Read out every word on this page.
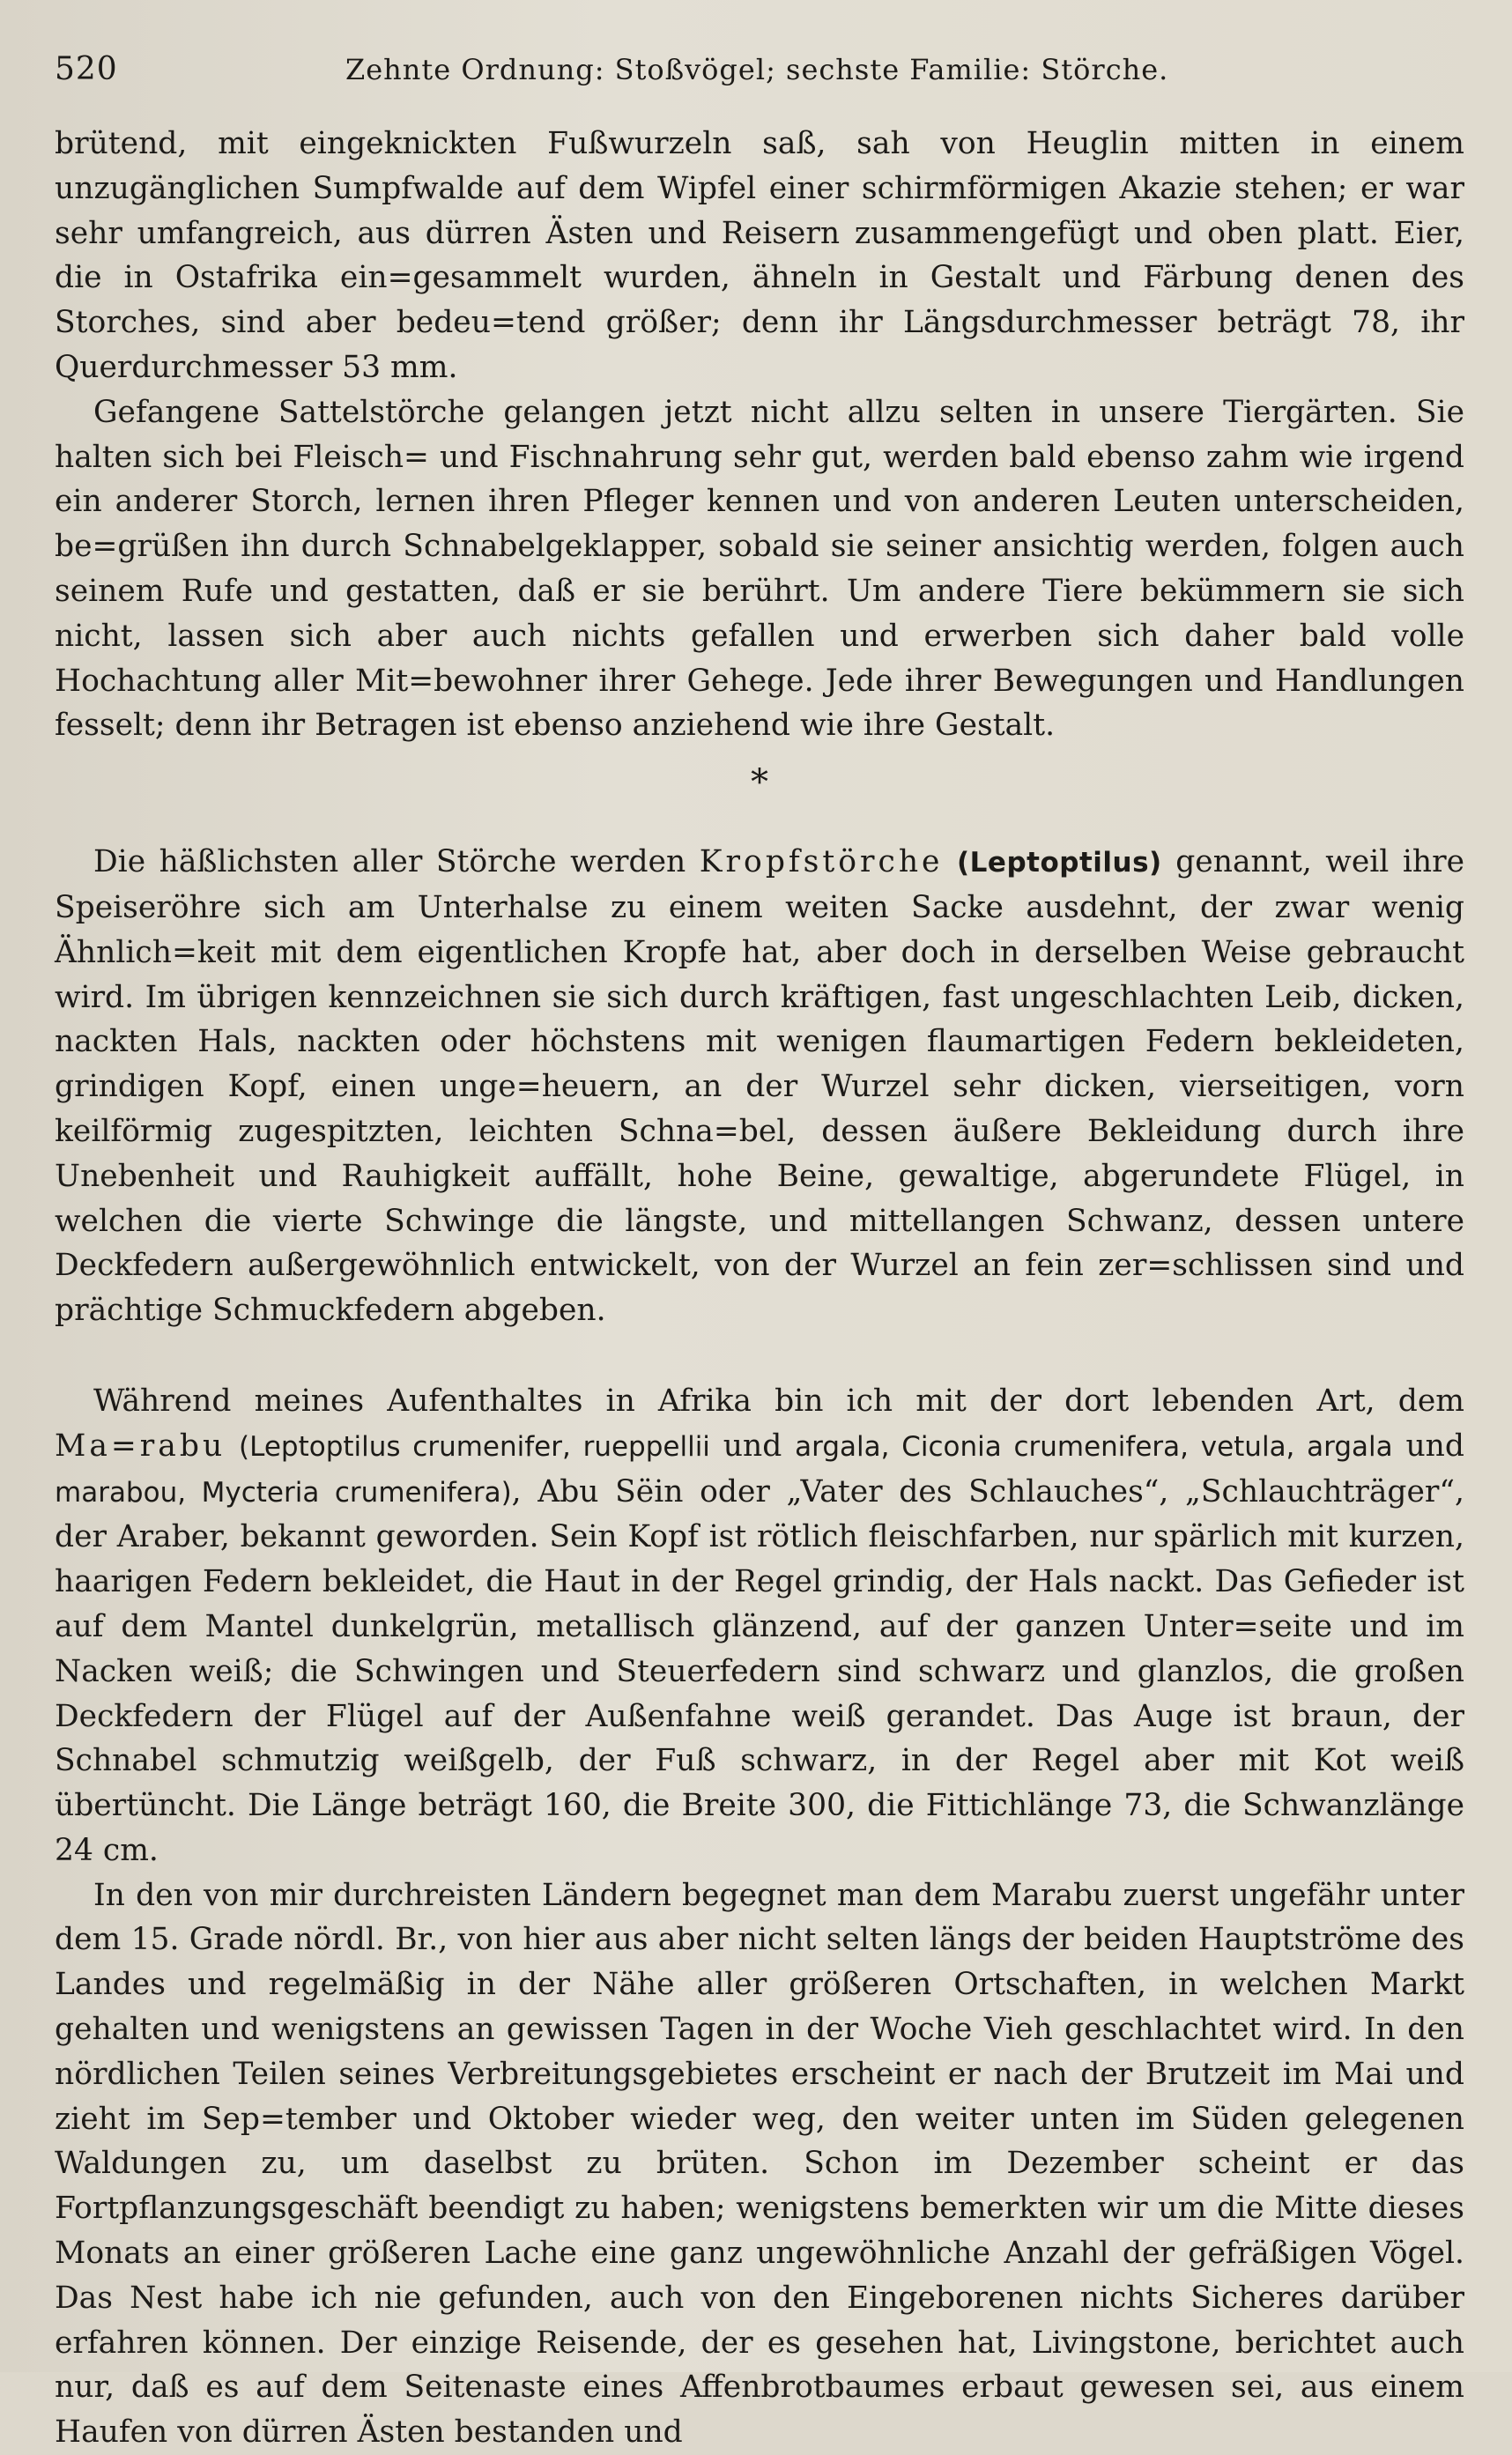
520	Zehnte Ordnung: Stoßvögel; sechste Familie: Störche.

brütend, mit eingeknickten Fußwurzeln saß, sah von Heuglin mitten in einem unzugänglichen Sumpfwalde auf dem Wipfel einer schirmförmigen Akazie stehen; er war sehr umfangreich, aus dürren Ästen und Reisern zusammengefügt und oben platt. Eier, die in Ostafrika ein=gesammelt wurden, ähneln in Gestalt und Färbung denen des Storches, sind aber bedeu=tend größer; denn ihr Längsdurchmesser beträgt 78, ihr Querdurchmesser 53 mm.

Gefangene Sattelstörche gelangen jetzt nicht allzu selten in unsere Tiergärten. Sie halten sich bei Fleisch= und Fischnahrung sehr gut, werden bald ebenso zahm wie irgend ein anderer Storch, lernen ihren Pfleger kennen und von anderen Leuten unterscheiden, be=grüßen ihn durch Schnabelgeklapper, sobald sie seiner ansichtig werden, folgen auch seinem Rufe und gestatten, daß er sie berührt. Um andere Tiere bekümmern sie sich nicht, lassen sich aber auch nichts gefallen und erwerben sich daher bald volle Hochachtung aller Mit=bewohner ihrer Gehege. Jede ihrer Bewegungen und Handlungen fesselt; denn ihr Betragen ist ebenso anziehend wie ihre Gestalt.

*

Die häßlichsten aller Störche werden Kropfstörche (Leptoptilus) genannt, weil ihre Speiseröhre sich am Unterhalse zu einem weiten Sacke ausdehnt, der zwar wenig Ähnlich=keit mit dem eigentlichen Kropfe hat, aber doch in derselben Weise gebraucht wird. Im übrigen kennzeichnen sie sich durch kräftigen, fast ungeschlachten Leib, dicken, nackten Hals, nackten oder höchstens mit wenigen flaumartigen Federn bekleideten, grindigen Kopf, einen unge=heuern, an der Wurzel sehr dicken, vierseitigen, vorn keilförmig zugespitzten, leichten Schna=bel, dessen äußere Bekleidung durch ihre Unebenheit und Rauhigkeit auffällt, hohe Beine, gewaltige, abgerundete Flügel, in welchen die vierte Schwinge die längste, und mittellangen Schwanz, dessen untere Deckfedern außergewöhnlich entwickelt, von der Wurzel an fein zer=schlissen sind und prächtige Schmuckfedern abgeben.

Während meines Aufenthaltes in Afrika bin ich mit der dort lebenden Art, dem Ma=rabu (Leptoptilus crumenifer, rueppellii und argala, Ciconia crumenifera, vetula, argala und marabou, Mycteria crumenifera), Abu Sëin oder „Vater des Schlauches“, „Schlauchträger“, der Araber, bekannt geworden. Sein Kopf ist rötlich fleischfarben, nur spärlich mit kurzen, haarigen Federn bekleidet, die Haut in der Regel grindig, der Hals nackt. Das Gefieder ist auf dem Mantel dunkelgrün, metallisch glänzend, auf der ganzen Unter=seite und im Nacken weiß; die Schwingen und Steuerfedern sind schwarz und glanzlos, die großen Deckfedern der Flügel auf der Außenfahne weiß gerandet. Das Auge ist braun, der Schnabel schmutzig weißgelb, der Fuß schwarz, in der Regel aber mit Kot weiß übertüncht. Die Länge beträgt 160, die Breite 300, die Fittichlänge 73, die Schwanzlänge 24 cm.

In den von mir durchreisten Ländern begegnet man dem Marabu zuerst ungefähr unter dem 15. Grade nördl. Br., von hier aus aber nicht selten längs der beiden Hauptströme des Landes und regelmäßig in der Nähe aller größeren Ortschaften, in welchen Markt gehalten und wenigstens an gewissen Tagen in der Woche Vieh geschlachtet wird. In den nördlichen Teilen seines Verbreitungsgebietes erscheint er nach der Brutzeit im Mai und zieht im Sep=tember und Oktober wieder weg, den weiter unten im Süden gelegenen Waldungen zu, um daselbst zu brüten. Schon im Dezember scheint er das Fortpflanzungsgeschäft beendigt zu haben; wenigstens bemerkten wir um die Mitte dieses Monats an einer größeren Lache eine ganz ungewöhnliche Anzahl der gefräßigen Vögel. Das Nest habe ich nie gefunden, auch von den Eingeborenen nichts Sicheres darüber erfahren können. Der einzige Reisende, der es gesehen hat, Livingstone, berichtet auch nur, daß es auf dem Seitenaste eines Affenbrotbaumes erbaut gewesen sei, aus einem Haufen von dürren Ästen bestanden und
